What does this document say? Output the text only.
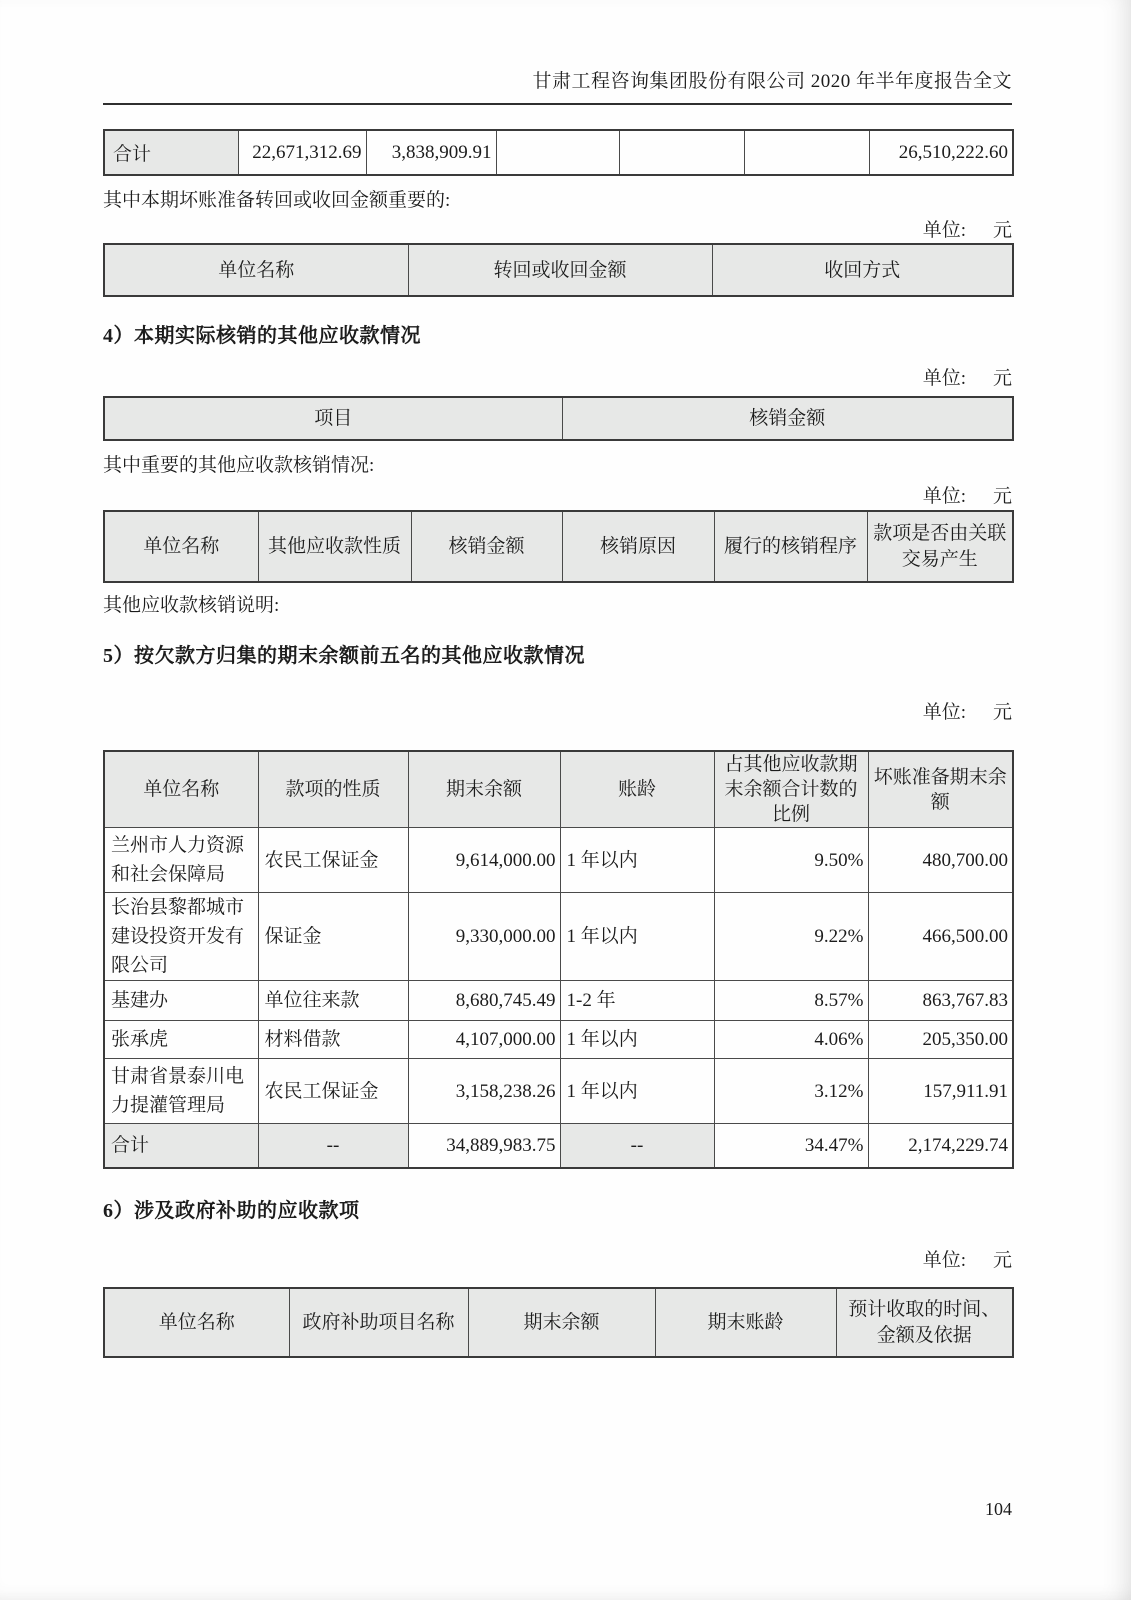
甘肃工程咨询集团股份有限公司 2020 年半年度报告全文
合计	22,671,312.69	3,838,909.91				26,510,222.60
其中本期坏账准备转回或收回金额重要的:
单位: 元
单位名称	转回或收回金额	收回方式
4）本期实际核销的其他应收款情况
单位: 元
项目	核销金额
其中重要的其他应收款核销情况:
单位: 元
单位名称	其他应收款性质	核销金额	核销原因	履行的核销程序	款项是否由关联交易产生
其他应收款核销说明:
5）按欠款方归集的期末余额前五名的其他应收款情况
单位: 元
单位名称	款项的性质	期末余额	账龄	占其他应收款期末余额合计数的比例	坏账准备期末余额
兰州市人力资源和社会保障局	农民工保证金	9,614,000.00	1 年以内	9.50%	480,700.00
长治县黎都城市建设投资开发有限公司	保证金	9,330,000.00	1 年以内	9.22%	466,500.00
基建办	单位往来款	8,680,745.49	1-2 年	8.57%	863,767.83
张承虎	材料借款	4,107,000.00	1 年以内	4.06%	205,350.00
甘肃省景泰川电力提灌管理局	农民工保证金	3,158,238.26	1 年以内	3.12%	157,911.91
合计	--	34,889,983.75	--	34.47%	2,174,229.74
6）涉及政府补助的应收款项
单位: 元
单位名称	政府补助项目名称	期末余额	期末账龄	预计收取的时间、金额及依据
104
